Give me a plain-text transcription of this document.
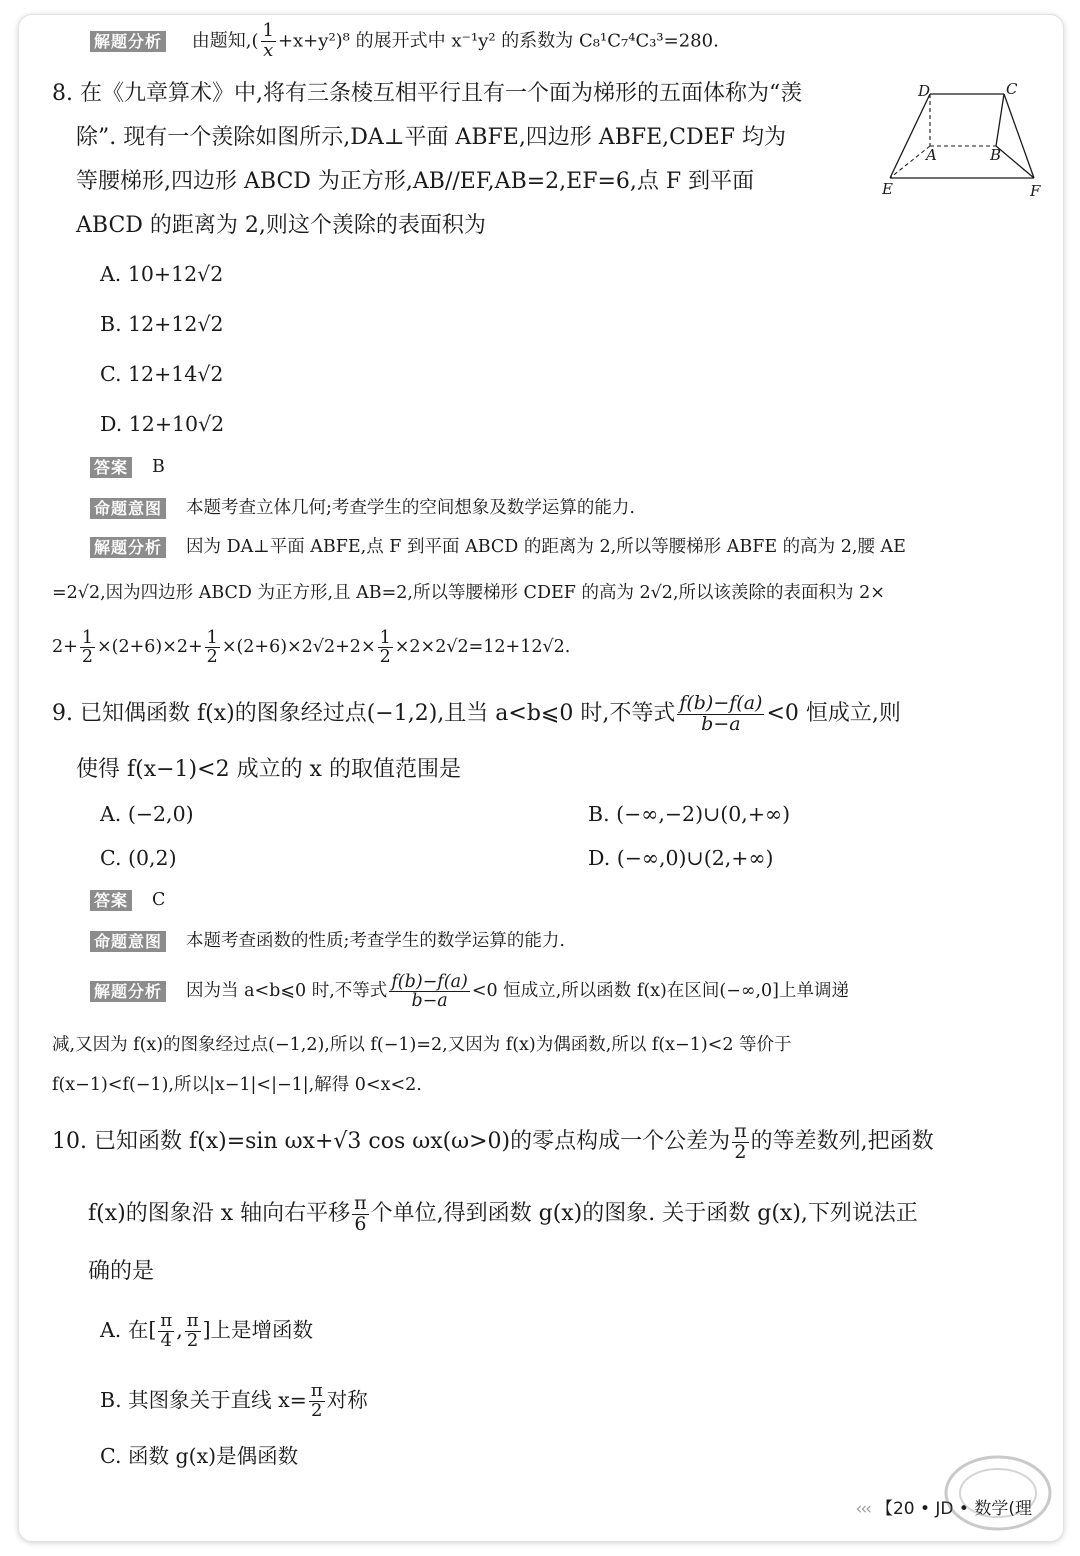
解题分析 由题知,( $\frac{1}{x} +x+y^2)^8$ 的展开式中 x⁻¹y² 的系数为 C₈¹C₇⁴C₃³=280.
8. 在《九章算术》中,将有三条棱互相平行且有一个面为梯形的五面体称为“羡
除”. 现有一个羡除如图所示,DA⊥平面 ABFE,四边形 ABFE,CDEF 均为
等腰梯形,四边形 ABCD 为正方形,AB//EF,AB=2,EF=6,点 F 到平面
ABCD 的距离为 2,则这个羡除的表面积为
D	C
A	B
E	F
A. 10+12√2
B. 12+12√2
C. 12+14√2
D. 12+10√2
答案 B
命题意图 本题考查立体几何;考查学生的空间想象及数学运算的能力.
解题分析 因为 DA⊥平面 ABFE,点 F 到平面 ABCD 的距离为 2,所以等腰梯形 ABFE 的高为 2,腰 AE
=2√2,因为四边形 ABCD 为正方形,且 AB=2,所以等腰梯形 CDEF 的高为 2√2,所以该羡除的表面积为 2×
$2+ \frac{1}{2} \times(2+6)\times 2+ \frac{1}{2} \times(2+6)\times 2√2+2\times \frac{1}{2} \times 2\times 2√2=12+12√2$.
9. 已知偶函数 f(x)的图象经过点(−1,2),且当 a<b⩽0 时,不等式 $\frac{f(b)-f(a)}{b-a} <0$ 恒成立,则
使得 f(x−1)<2 成立的 x 的取值范围是
A. (−2,0)	B. (−∞,−2)∪(0,+∞)
C. (0,2)	D. (−∞,0)∪(2,+∞)
答案 C
命题意图 本题考查函数的性质;考查学生的数学运算的能力.
解题分析 因为当 a<b⩽0 时,不等式 $\frac{f(b)-f(a)}{b-a} <0$ 恒成立,所以函数 f(x)在区间(−∞,0]上单调递
减,又因为 f(x)的图象经过点(−1,2),所以 f(−1)=2,又因为 f(x)为偶函数,所以 f(x−1)<2 等价于
f(x−1)<f(−1),所以|x−1|<|−1|,解得 0<x<2.
10. 已知函数 f(x)=sin ωx+√3 cos ωx(ω>0)的零点构成一个公差为 $\frac{\pi}{2}$ 的等差数列,把函数
f(x)的图象沿 x 轴向右平移 $\frac{\pi}{6}$ 个单位,得到函数 g(x)的图象. 关于函数 g(x),下列说法正
确的是
A. 在[ $\frac{\pi}{4}$ , $\frac{\pi}{2}$ ]上是增函数
B. 其图象关于直线 $x= \frac{\pi}{2}$ 对称
C. 函数 g(x)是偶函数
‹‹‹ 【20 • JD • 数学(理
